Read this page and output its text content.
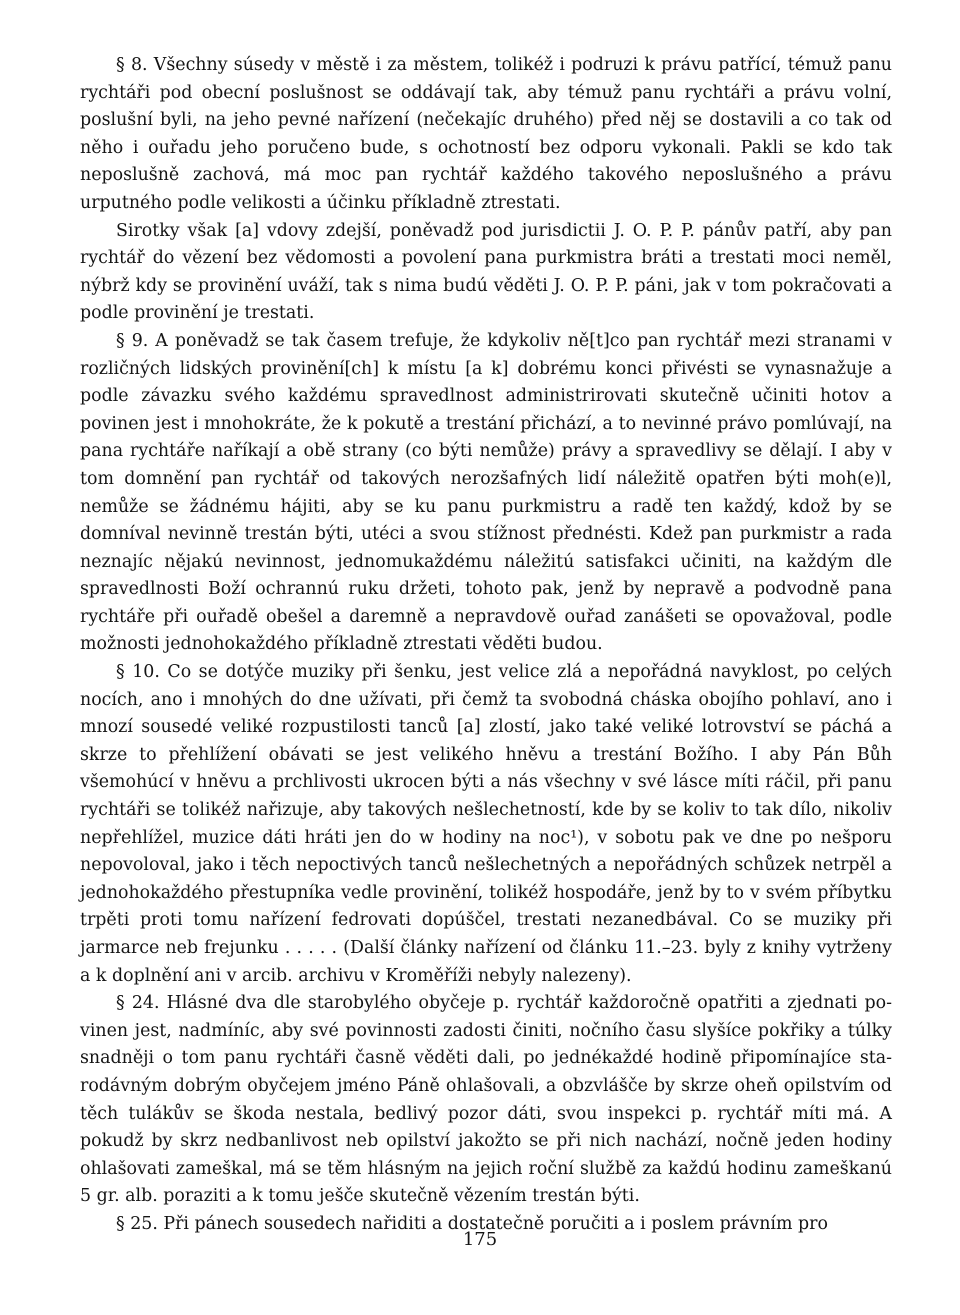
§ 8. Všechny súsedy v městě i za městem, tolikéž i podruzi k právu patřící, témuž panu rychtáři pod obecní poslušnost se oddávají tak, aby témuž panu rychtáři a právu volní, poslušní byli, na jeho pevné nařízení (nečekajíc druhého) před něj se dostavili a co tak od něho i ouřadu jeho poručeno bude, s ochotností bez odporu vykonali. Pakli se kdo tak neposlušně zachová, má moc pan rychtář každého takového neposlušného a právu urputného podle velikosti a účinku příkladně ztrestati.

Sirotky však [a] vdovy zdejší, poněvadž pod jurisdictii J. O. P. P. pánův patří, aby pan rychtář do vězení bez vědomosti a povolení pana purkmistra bráti a trestati moci neměl, nýbrž kdy se provinění uváží, tak s nima budú věděti J. O. P. P. páni, jak v tom pokračovati a podle provinění je trestati.

§ 9. A poněvadž se tak časem trefuje, že kdykoliv ně[t]co pan rychtář mezi stranami v rozličných lidských provinění[ch] k místu [a k] dobrému konci přivésti se vynasnažuje a podle závazku svého každému spravedlnost administrirovati skutečně učiniti hotov a povinen jest i mnohokráte, že k pokutě a trestání přichází, a to nevinné právo pomlúvají, na pana rychtáře naříkají a obě strany (co býti nemůže) právy a spravedlivy se dělají. I aby v tom domnění pan rychtář od takových nerozšafných lidí náležitě opatřen býti moh(e)l, nemůže se žádnému hájiti, aby se ku panu purkmistru a radě ten každý, kdož by se domníval nevinně trestán býti, utéci a svou stížnost přednésti. Kdež pan purkmistr a rada neznajíc nějakú nevinnost, jednomukaždému náležitú satisfakci učiniti, na každým dle spravedlnosti Boží ochrannú ruku držeti, tohoto pak, jenž by nepravě a podvodně pana rychtáře při ouřadě obešel a daremně a nepravdově ouřad zanášeti se opovažoval, podle možnosti jednohokaždého příkladně ztrestati věděti budou.

§ 10. Co se dotýče muziky při šenku, jest velice zlá a nepořádná navyklost, po celých nocích, ano i mnohých do dne užívati, při čemž ta svobodná cháska obojího pohlaví, ano i mnozí sousedé veliké rozpustilosti tanců [a] zlostí, jako také veliké lotrovství se páchá a skrze to přehlížení obávati se jest velikého hněvu a trestání Božího. I aby Pán Bůh všemohúcí v hněvu a prchlivosti ukrocen býti a nás všechny v své lásce míti ráčil, při panu rychtáři se tolikéž nařizuje, aby takových nešlechetností, kde by se koliv to tak dílo, nikoliv nepřehlížel, muzice dáti hráti jen do w hodiny na noc¹), v sobotu pak ve dne po nešporu nepovoloval, jako i těch nepoctivých tanců nešlechetných a nepořádných schůzek netrpěl a jednohokaždého přestupníka vedle provinění, tolikéž hospodáře, jenž by to v svém příbytku trpěti proti tomu nařízení fedrovati dopúščel, trestati nezanedbával. Co se muziky při jarmarce neb frejunku . . . . . (Další články nařízení od článku 11.–23. byly z knihy vytrženy a k doplnění ani v arcib. archivu v Kroměříži nebyly nalezeny).

§ 24. Hlásné dva dle starobylého obyčeje p. rychtář každoročně opatřiti a zjednati povinen jest, nadmíníc, aby své povinnosti zadosti činiti, nočního času slyšíce pokřiky a túlky snadněji o tom panu rychtáři časně věděti dali, po jednékaždé hodině připomínajíce starodávným dobrým obyčejem jméno Páně ohlašovali, a obzvlášče by skrze oheň opilstvím od těch tulákův se škoda nestala, bedlivý pozor dáti, svou inspekci p. rychtář míti má. A pokudž by skrz nedbanlivost neb opilství jakožto se při nich nachází, nočně jeden hodiny ohlašovati zameškal, má se těm hlásným na jejich roční službě za každú hodinu zameškanú 5 gr. alb. poraziti a k tomu ješče skutečně vězením trestán býti.

§ 25. Při pánech sousedech nařiditi a dostatečně poručiti a i poslem právním pro

175
